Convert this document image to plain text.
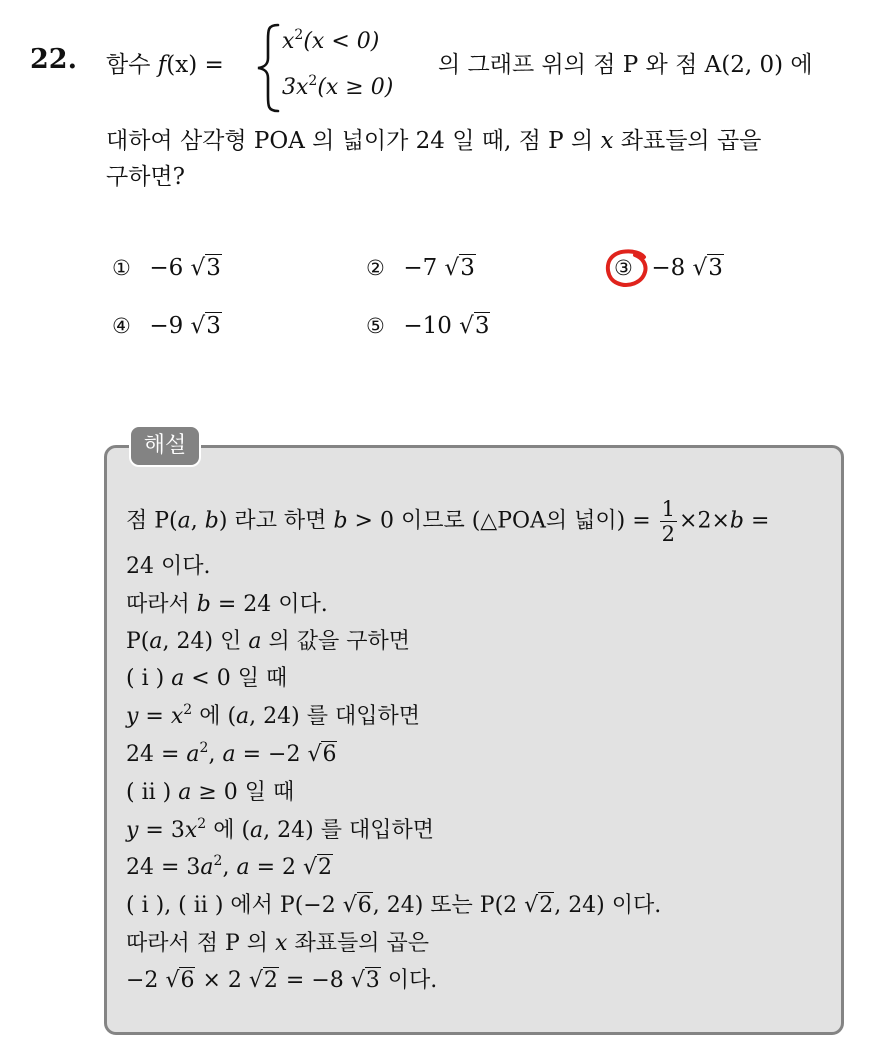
22. 함수 f(x) =
$x^2(x < 0)$
$3x^2(x \ge 0)$
의 그래프 위의 점 P 와 점 A(2, 0) 에
대하여 삼각형 POA 의 넓이가 24 일 때, 점 P 의 x 좌표들의 곱을
구하면?
① −6 √3	② −7 √3	③ −8 √3
④ −9 √3	⑤ −10 √3
해설
점 P(a, b) 라고 하면 b > 0 이므로 (△POA의 넓이) = $\frac{1}{2} \times 2\times b$ =
24 이다.
따라서 b = 24 이다.
P(a, 24) 인 a 의 값을 구하면
( i ) a < 0 일 때
$y = x^2$ 에 (a, 24) 를 대입하면
$24 = a^2$, a = −2 √6
( ii ) a ≥ 0 일 때
$y = 3x^2$ 에 (a, 24) 를 대입하면
$24 = 3a^2$, a = 2 √2
( i ), ( ii ) 에서 P(−2 √6, 24) 또는 P(2 √2, 24) 이다.
따라서 점 P 의 x 좌표들의 곱은
−2 √6 × 2 √2 = −8 √3 이다.
